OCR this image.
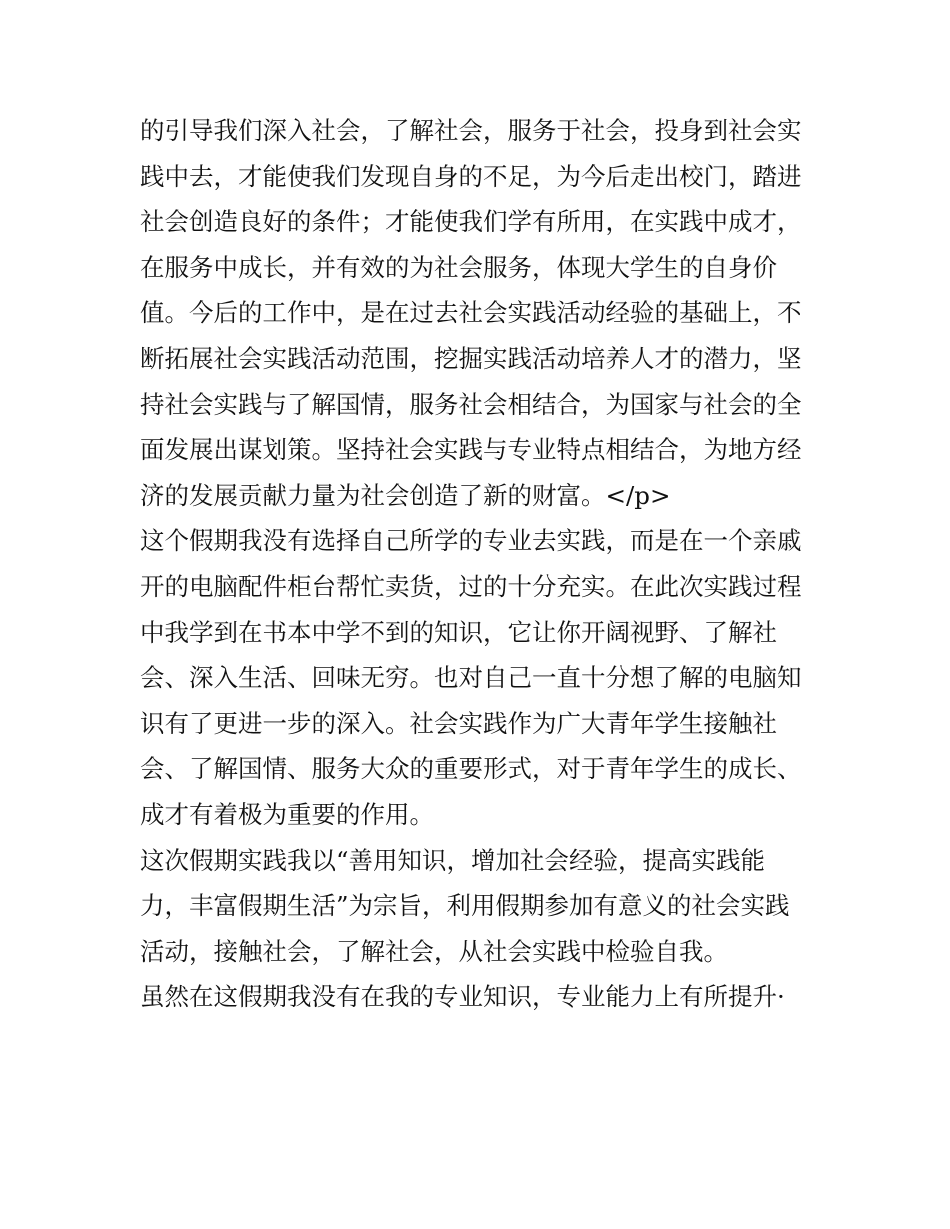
的引导我们深入社会，了解社会，服务于社会，投身到社会实
践中去，才能使我们发现自身的不足，为今后走出校门，踏进
社会创造良好的条件；才能使我们学有所用，在实践中成才，
在服务中成长，并有效的为社会服务，体现大学生的自身价
值。今后的工作中，是在过去社会实践活动经验的基础上，不
断拓展社会实践活动范围，挖掘实践活动培养人才的潜力，坚
持社会实践与了解国情，服务社会相结合，为国家与社会的全
面发展出谋划策。坚持社会实践与专业特点相结合，为地方经
济的发展贡献力量为社会创造了新的财富。</p>
这个假期我没有选择自己所学的专业去实践，而是在一个亲戚
开的电脑配件柜台帮忙卖货，过的十分充实。在此次实践过程
中我学到在书本中学不到的知识，它让你开阔视野、了解社
会、深入生活、回味无穷。也对自己一直十分想了解的电脑知
识有了更进一步的深入。社会实践作为广大青年学生接触社
会、了解国情、服务大众的重要形式，对于青年学生的成长、
成才有着极为重要的作用。
这次假期实践我以“善用知识，增加社会经验，提高实践能
力，丰富假期生活”为宗旨，利用假期参加有意义的社会实践
活动，接触社会，了解社会，从社会实践中检验自我。
虽然在这假期我没有在我的专业知识，专业能力上有所提升·
